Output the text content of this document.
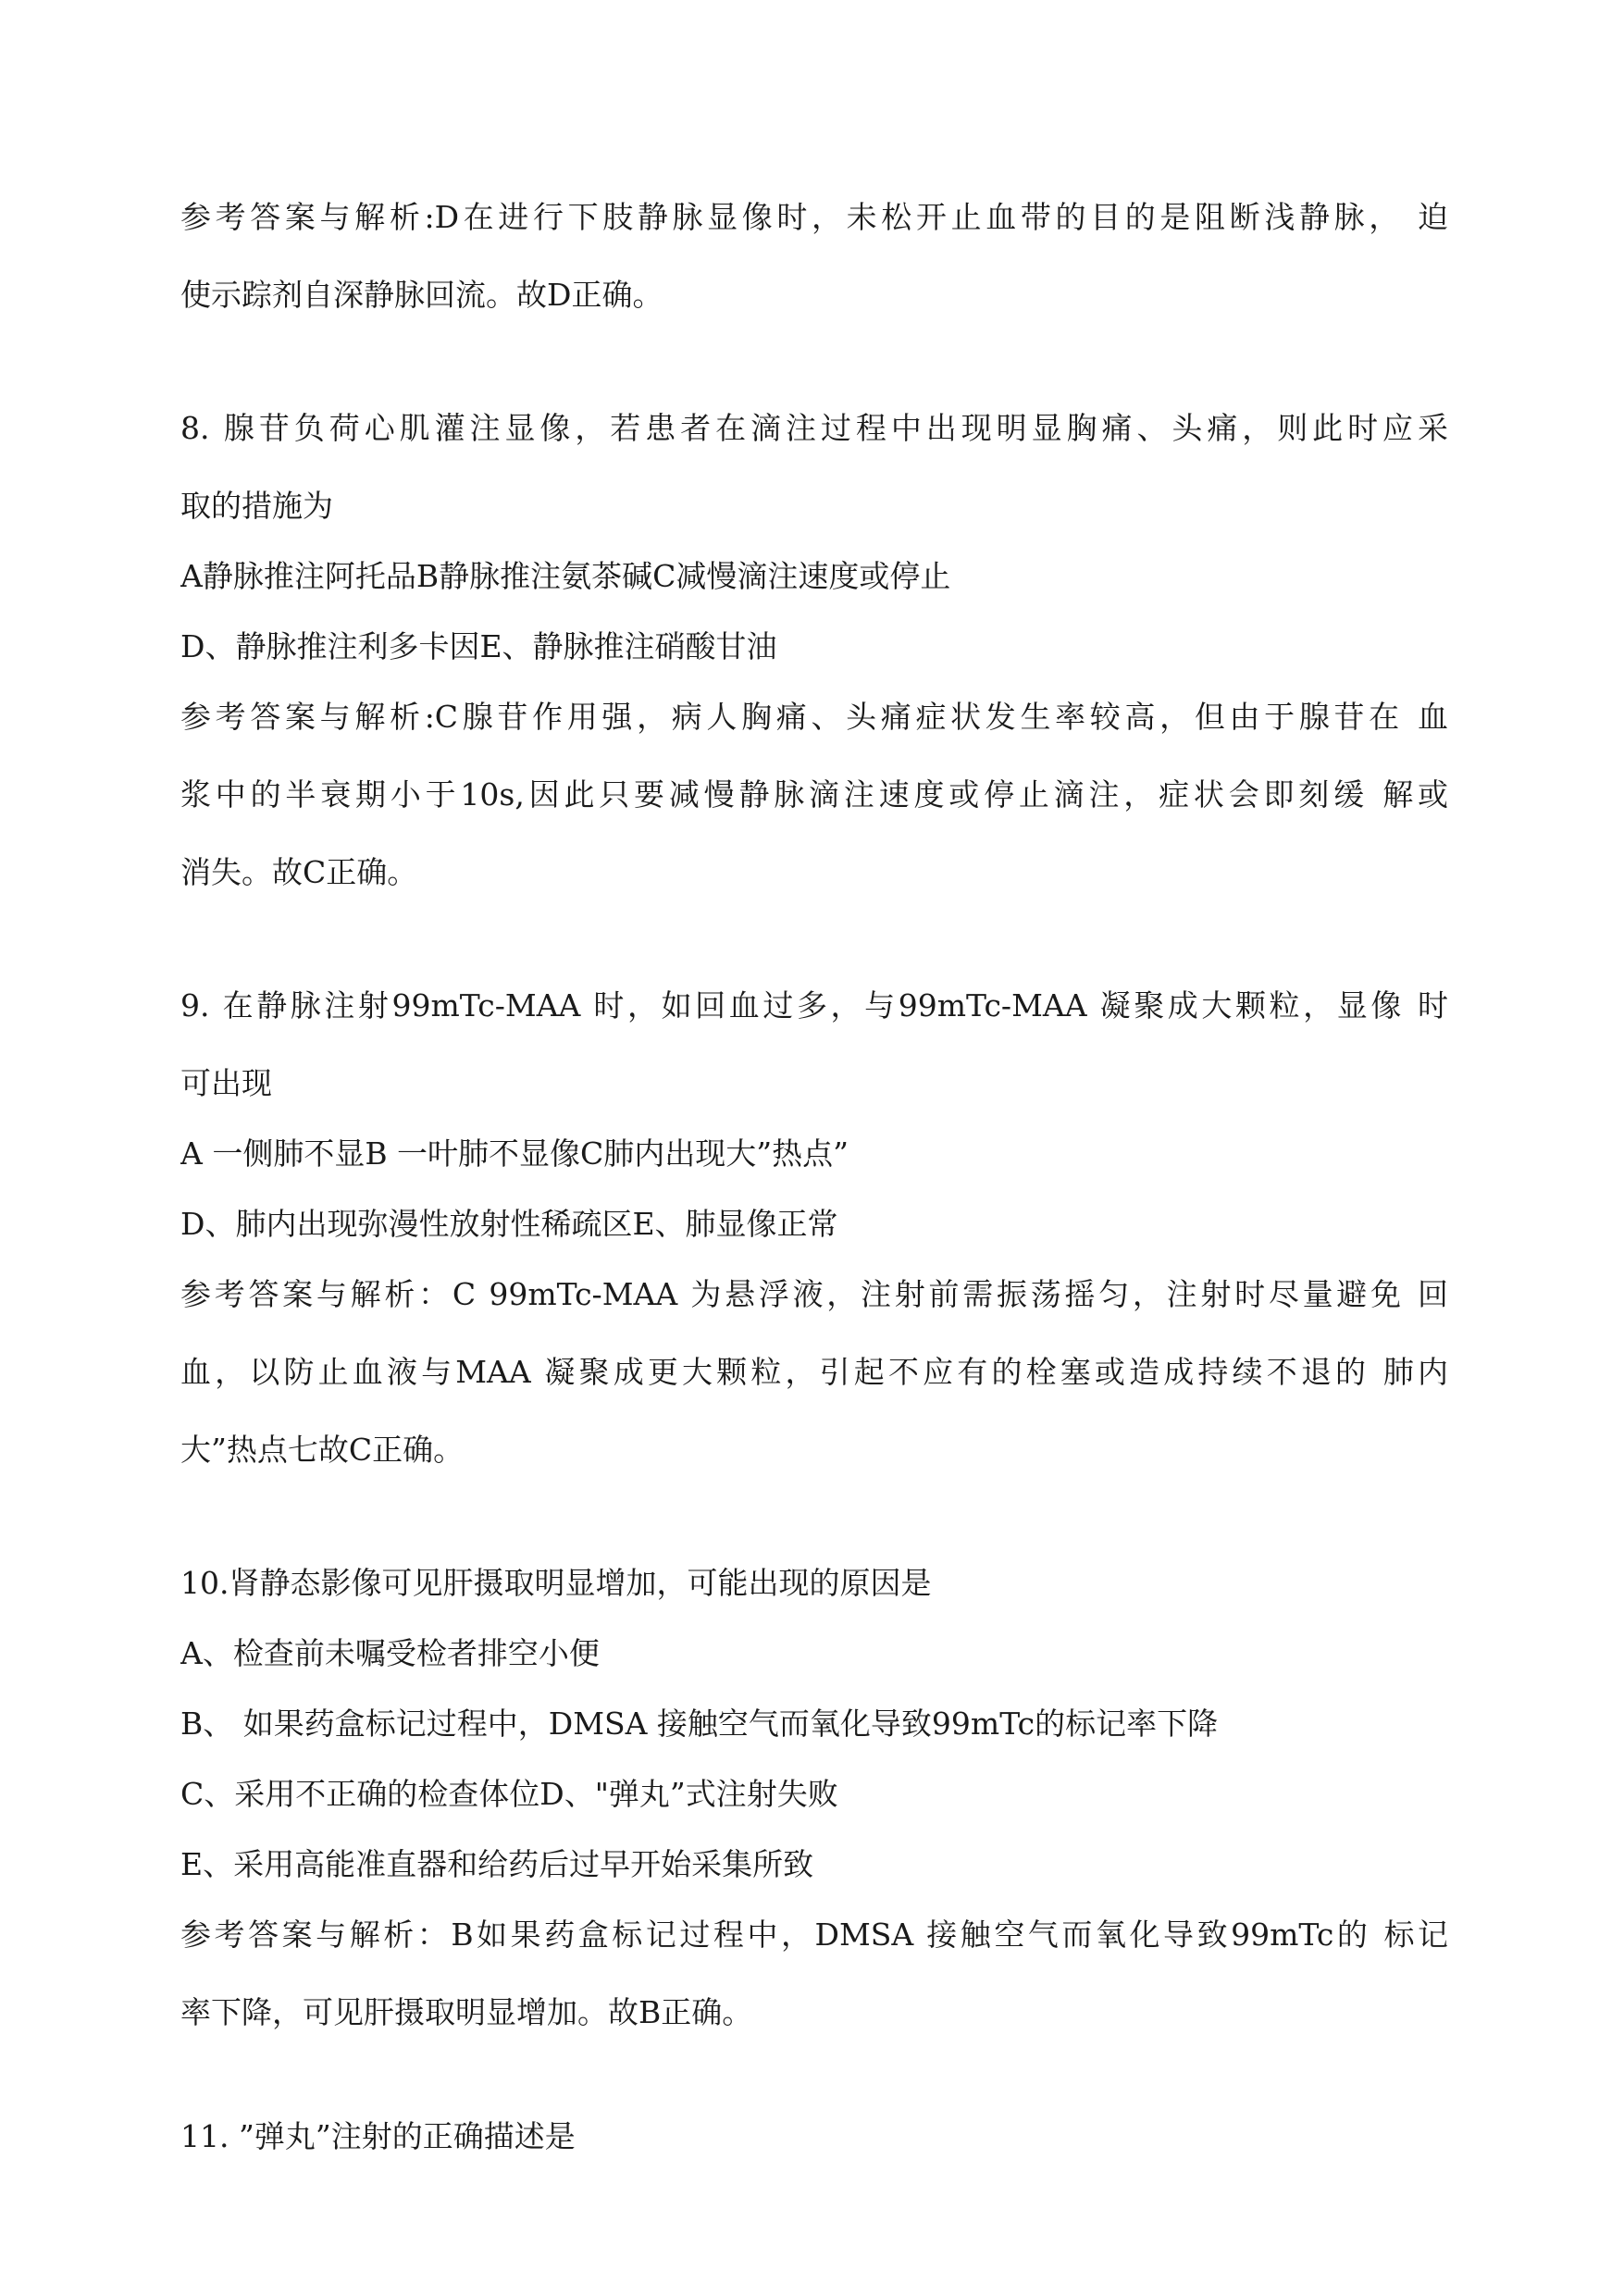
参考答案与解析:D在进行下肢静脉显像时，未松开止血带的目的是阻断浅静脉， 迫

使示踪剂自深静脉回流。故D正确。

8. 腺苷负荷心肌灌注显像，若患者在滴注过程中出现明显胸痛、头痛，则此时应采

取的措施为

A静脉推注阿托品B静脉推注氨茶碱C减慢滴注速度或停止

D、静脉推注利多卡因E、静脉推注硝酸甘油

参考答案与解析:C腺苷作用强，病人胸痛、头痛症状发生率较高，但由于腺苷在 血

浆中的半衰期小于10s,因此只要减慢静脉滴注速度或停止滴注，症状会即刻缓 解或

消失。故C正确。

9. 在静脉注射99mTc-MAA 时，如回血过多，与99mTc-MAA 凝聚成大颗粒，显像 时

可出现

A 一侧肺不显B 一叶肺不显像C肺内出现大”热点”

D、肺内出现弥漫性放射性稀疏区E、肺显像正常

参考答案与解析：C 99mTc-MAA 为悬浮液，注射前需振荡摇匀，注射时尽量避免 回

血，以防止血液与MAA 凝聚成更大颗粒，引起不应有的栓塞或造成持续不退的 肺内

大”热点七故C正确。

10.肾静态影像可见肝摄取明显增加，可能出现的原因是

A、检查前未嘱受检者排空小便

B、 如果药盒标记过程中，DMSA 接触空气而氧化导致99mTc的标记率下降

C、采用不正确的检查体位D、"弹丸”式注射失败

E、采用高能准直器和给药后过早开始采集所致

参考答案与解析：B如果药盒标记过程中，DMSA 接触空气而氧化导致99mTc的 标记

率下降，可见肝摄取明显增加。故B正确。

11. ”弹丸”注射的正确描述是
